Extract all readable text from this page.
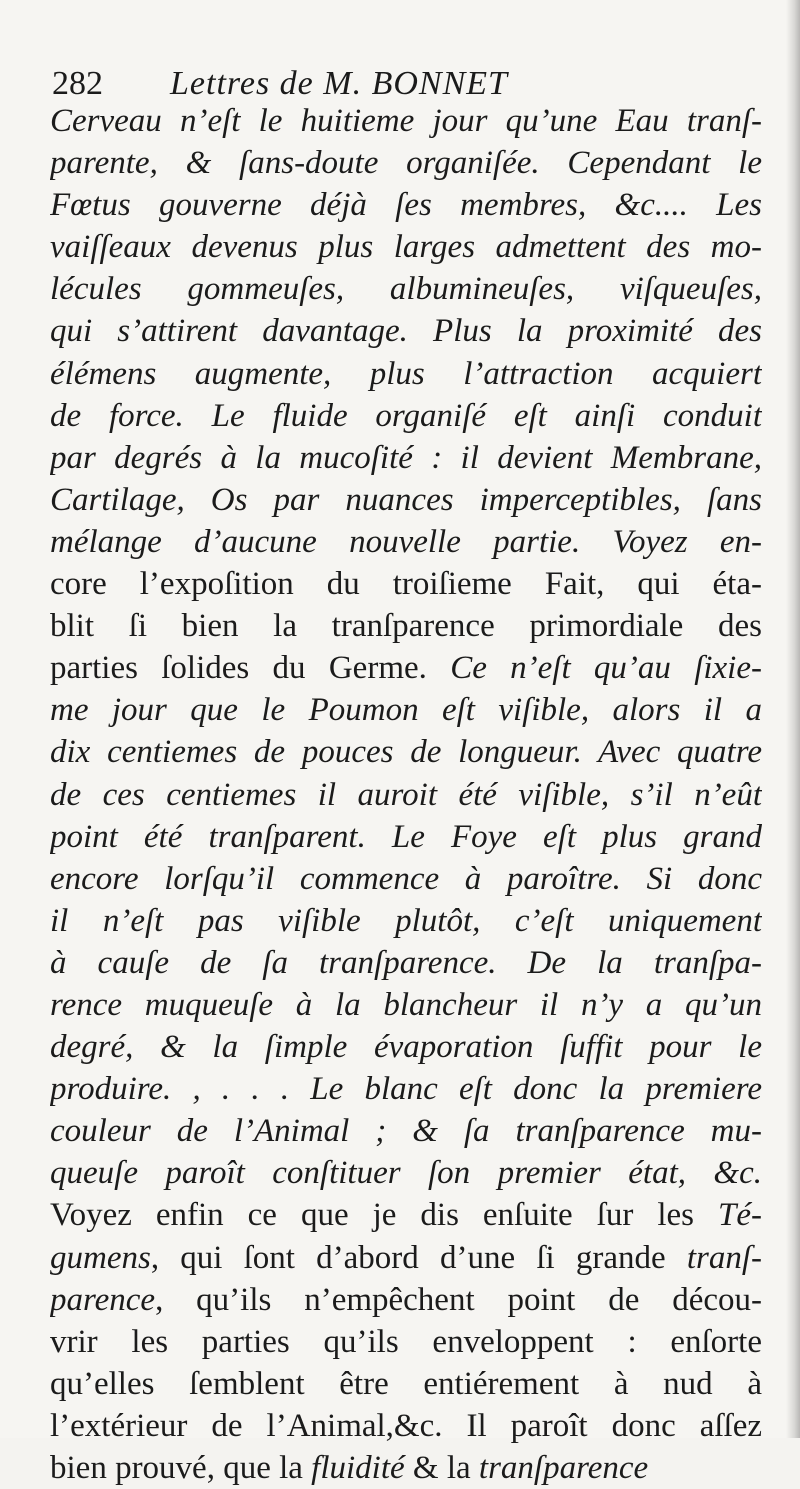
282 Lettres de M. BONNET
Cerveau n’eſt le huitieme jour qu’une Eau tranſ-
parente, & ſans-doute organiſée. Cependant le
Fœtus gouverne déjà ſes membres, &c.... Les
vaiſſeaux devenus plus larges admettent des mo-
lécules gommeuſes, albumineuſes, viſqueuſes,
qui s’attirent davantage. Plus la proximité des
élémens augmente, plus l’attraction acquiert
de force. Le fluide organiſé eſt ainſi conduit
par degrés à la mucoſité : il devient Membrane,
Cartilage, Os par nuances imperceptibles, ſans
mélange d’aucune nouvelle partie. Voyez en-
core l’expoſition du troiſieme Fait, qui éta-
blit ſi bien la tranſparence primordiale des
parties ſolides du Germe. Ce n’eſt qu’au ſixie-
me jour que le Poumon eſt viſible, alors il a
dix centiemes de pouces de longueur. Avec quatre
de ces centiemes il auroit été viſible, s’il n’eût
point été tranſparent. Le Foye eſt plus grand
encore lorſqu’il commence à paroître. Si donc
il n’eſt pas viſible plutôt, c’eſt uniquement
à cauſe de ſa tranſparence. De la tranſpa-
rence muqueuſe à la blancheur il n’y a qu’un
degré, & la ſimple évaporation ſuffit pour le
produire. , . . . Le blanc eſt donc la premiere
couleur de l’Animal ; & ſa tranſparence mu-
queuſe paroît conſtituer ſon premier état, &c.
Voyez enfin ce que je dis enſuite ſur les Té-
gumens, qui ſont d’abord d’une ſi grande tranſ-
parence, qu’ils n’empêchent point de décou-
vrir les parties qu’ils enveloppent : enſorte
qu’elles ſemblent être entiérement à nud à
l’extérieur de l’Animal,&c. Il paroît donc aſſez
bien prouvé, que la fluidité & la tranſparence
